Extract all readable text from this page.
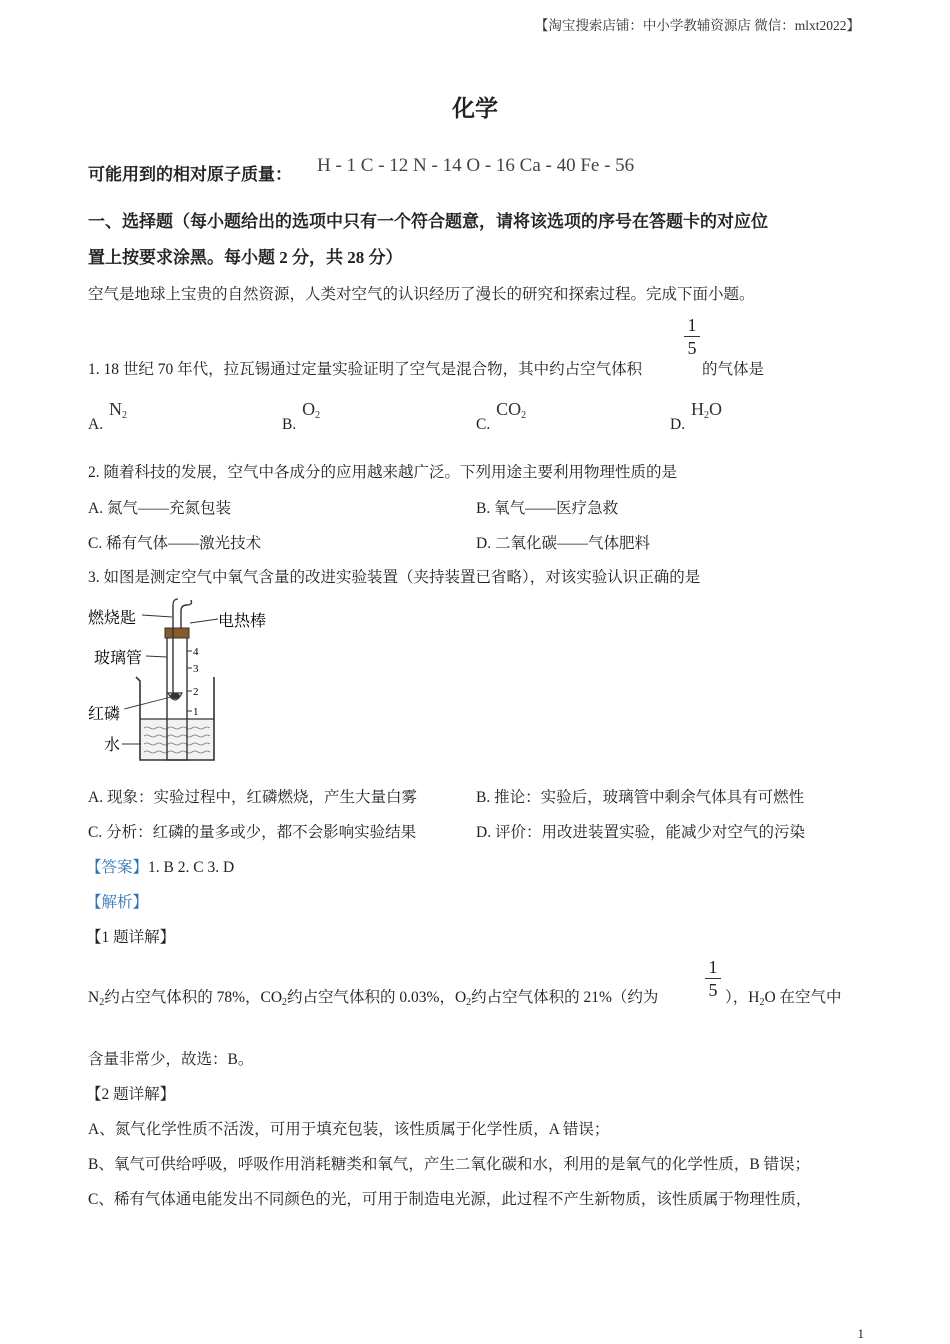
【淘宝搜索店铺：中小学教辅资源店 微信：mlxt2022】
化学
可能用到的相对原子质量： H - 1 C - 12 N - 14 O - 16 Ca - 40 Fe - 56
一、选择题（每小题给出的选项中只有一个符合题意，请将该选项的序号在答题卡的对应位
置上按要求涂黑。每小题 2 分，共 28 分）
空气是地球上宝贵的自然资源，人类对空气的认识经历了漫长的研究和探索过程。完成下面小题。
1
5
1. 18 世纪 70 年代，拉瓦锡通过定量实验证明了空气是混合物，其中约占空气体积	的气体是
A. $N_2$
B. $O_2$
C. $CO_2$
D. $H_2O$
2. 随着科技的发展，空气中各成分的应用越来越广泛。下列用途主要利用物理性质的是
A. 氮气——充氮包装	B. 氧气——医疗急救
C. 稀有气体——激光技术	D. 二氧化碳——气体肥料
3. 如图是测定空气中氧气含量的改进实验装置（夹持装置已省略），对该实验认识正确的是
4
3
2
1
燃烧匙	电热棒
玻璃管
红磷
水
A. 现象：实验过程中，红磷燃烧，产生大量白雾	B. 推论：实验后，玻璃管中剩余气体具有可燃性
C. 分析：红磷的量多或少，都不会影响实验结果	D. 评价：用改进装置实验，能减少对空气的污染
【答案】1. B 2. C 3. D
【解析】
【1 题详解】
1
5
$N_2$约占空气体积的 78%，$CO_2$约占空气体积的 0.03%，$O_2$约占空气体积的 21%（约为	），$H_2O$ 在空气中
含量非常少，故选：B。
【2 题详解】
A、氮气化学性质不活泼，可用于填充包装，该性质属于化学性质，A 错误；
B、氧气可供给呼吸，呼吸作用消耗糖类和氧气，产生二氧化碳和水，利用的是氧气的化学性质，B 错误；
C、稀有气体通电能发出不同颜色的光，可用于制造电光源，此过程不产生新物质，该性质属于物理性质，
1
